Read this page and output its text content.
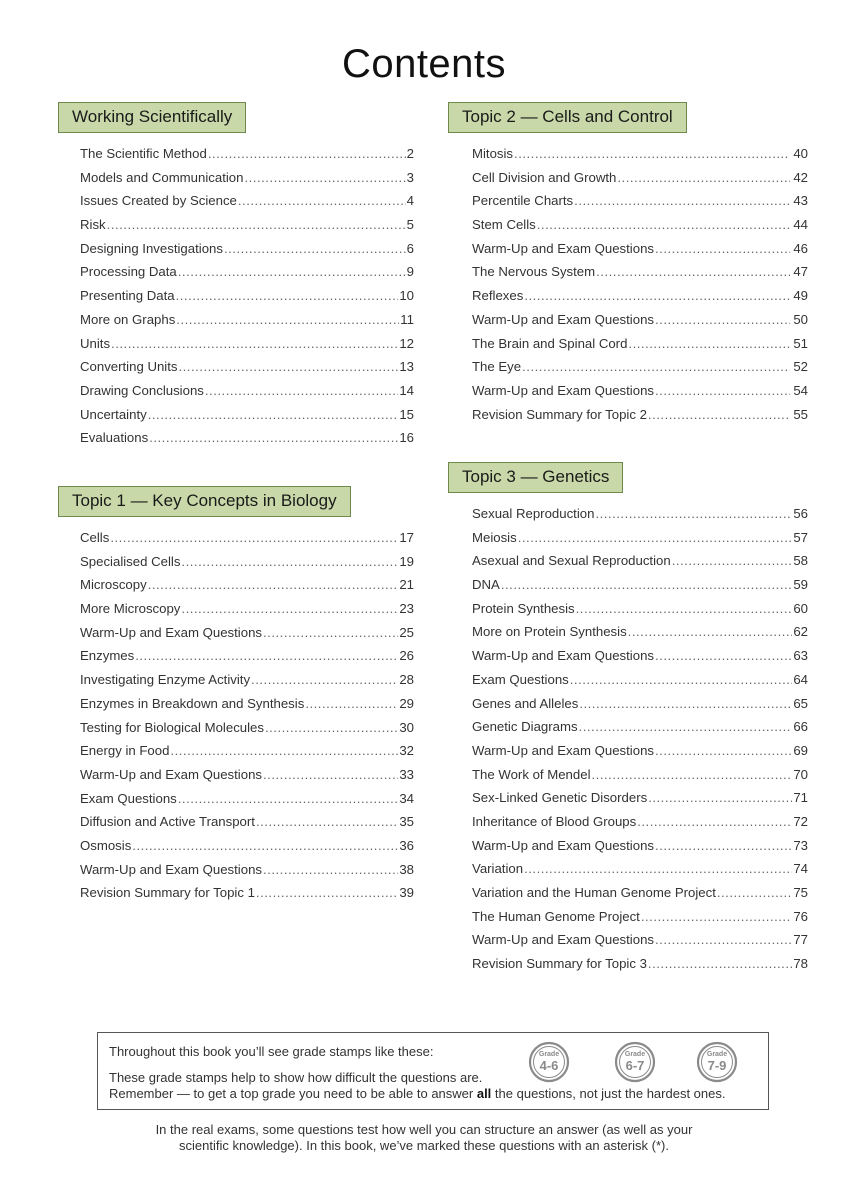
Contents
Working Scientifically
The Scientific Method .....	2
Models and Communication .....	3
Issues Created by Science .....	4
Risk .....	5
Designing Investigations .....	6
Processing Data .....	9
Presenting Data .....	10
More on Graphs .....	11
Units .....	12
Converting Units .....	13
Drawing Conclusions .....	14
Uncertainty .....	15
Evaluations .....	16
Topic 1 — Key Concepts in Biology
Cells .....	17
Specialised Cells .....	19
Microscopy .....	21
More Microscopy .....	23
Warm-Up and Exam Questions .....	25
Enzymes .....	26
Investigating Enzyme Activity .....	28
Enzymes in Breakdown and Synthesis .....	29
Testing for Biological Molecules .....	30
Energy in Food .....	32
Warm-Up and Exam Questions .....	33
Exam Questions .....	34
Diffusion and Active Transport .....	35
Osmosis .....	36
Warm-Up and Exam Questions .....	38
Revision Summary for Topic 1 .....	39
Topic 2 — Cells and Control
Mitosis .....	40
Cell Division and Growth .....	42
Percentile Charts .....	43
Stem Cells .....	44
Warm-Up and Exam Questions .....	46
The Nervous System .....	47
Reflexes .....	49
Warm-Up and Exam Questions .....	50
The Brain and Spinal Cord .....	51
The Eye .....	52
Warm-Up and Exam Questions .....	54
Revision Summary for Topic 2 .....	55
Topic 3 — Genetics
Sexual Reproduction .....	56
Meiosis .....	57
Asexual and Sexual Reproduction .....	58
DNA .....	59
Protein Synthesis .....	60
More on Protein Synthesis .....	62
Warm-Up and Exam Questions .....	63
Exam Questions .....	64
Genes and Alleles .....	65
Genetic Diagrams .....	66
Warm-Up and Exam Questions .....	69
The Work of Mendel .....	70
Sex-Linked Genetic Disorders .....	71
Inheritance of Blood Groups .....	72
Warm-Up and Exam Questions .....	73
Variation .....	74
Variation and the Human Genome Project .....	75
The Human Genome Project .....	76
Warm-Up and Exam Questions .....	77
Revision Summary for Topic 3 .....	78
Throughout this book you’ll see grade stamps like these:
These grade stamps help to show how difficult the questions are.
Remember — to get a top grade you need to be able to answer all the questions, not just the hardest ones.
Grade
4-6
Grade
6-7
Grade
7-9
In the real exams, some questions test how well you can structure an answer (as well as your
scientific knowledge). In this book, we’ve marked these questions with an asterisk (*).
